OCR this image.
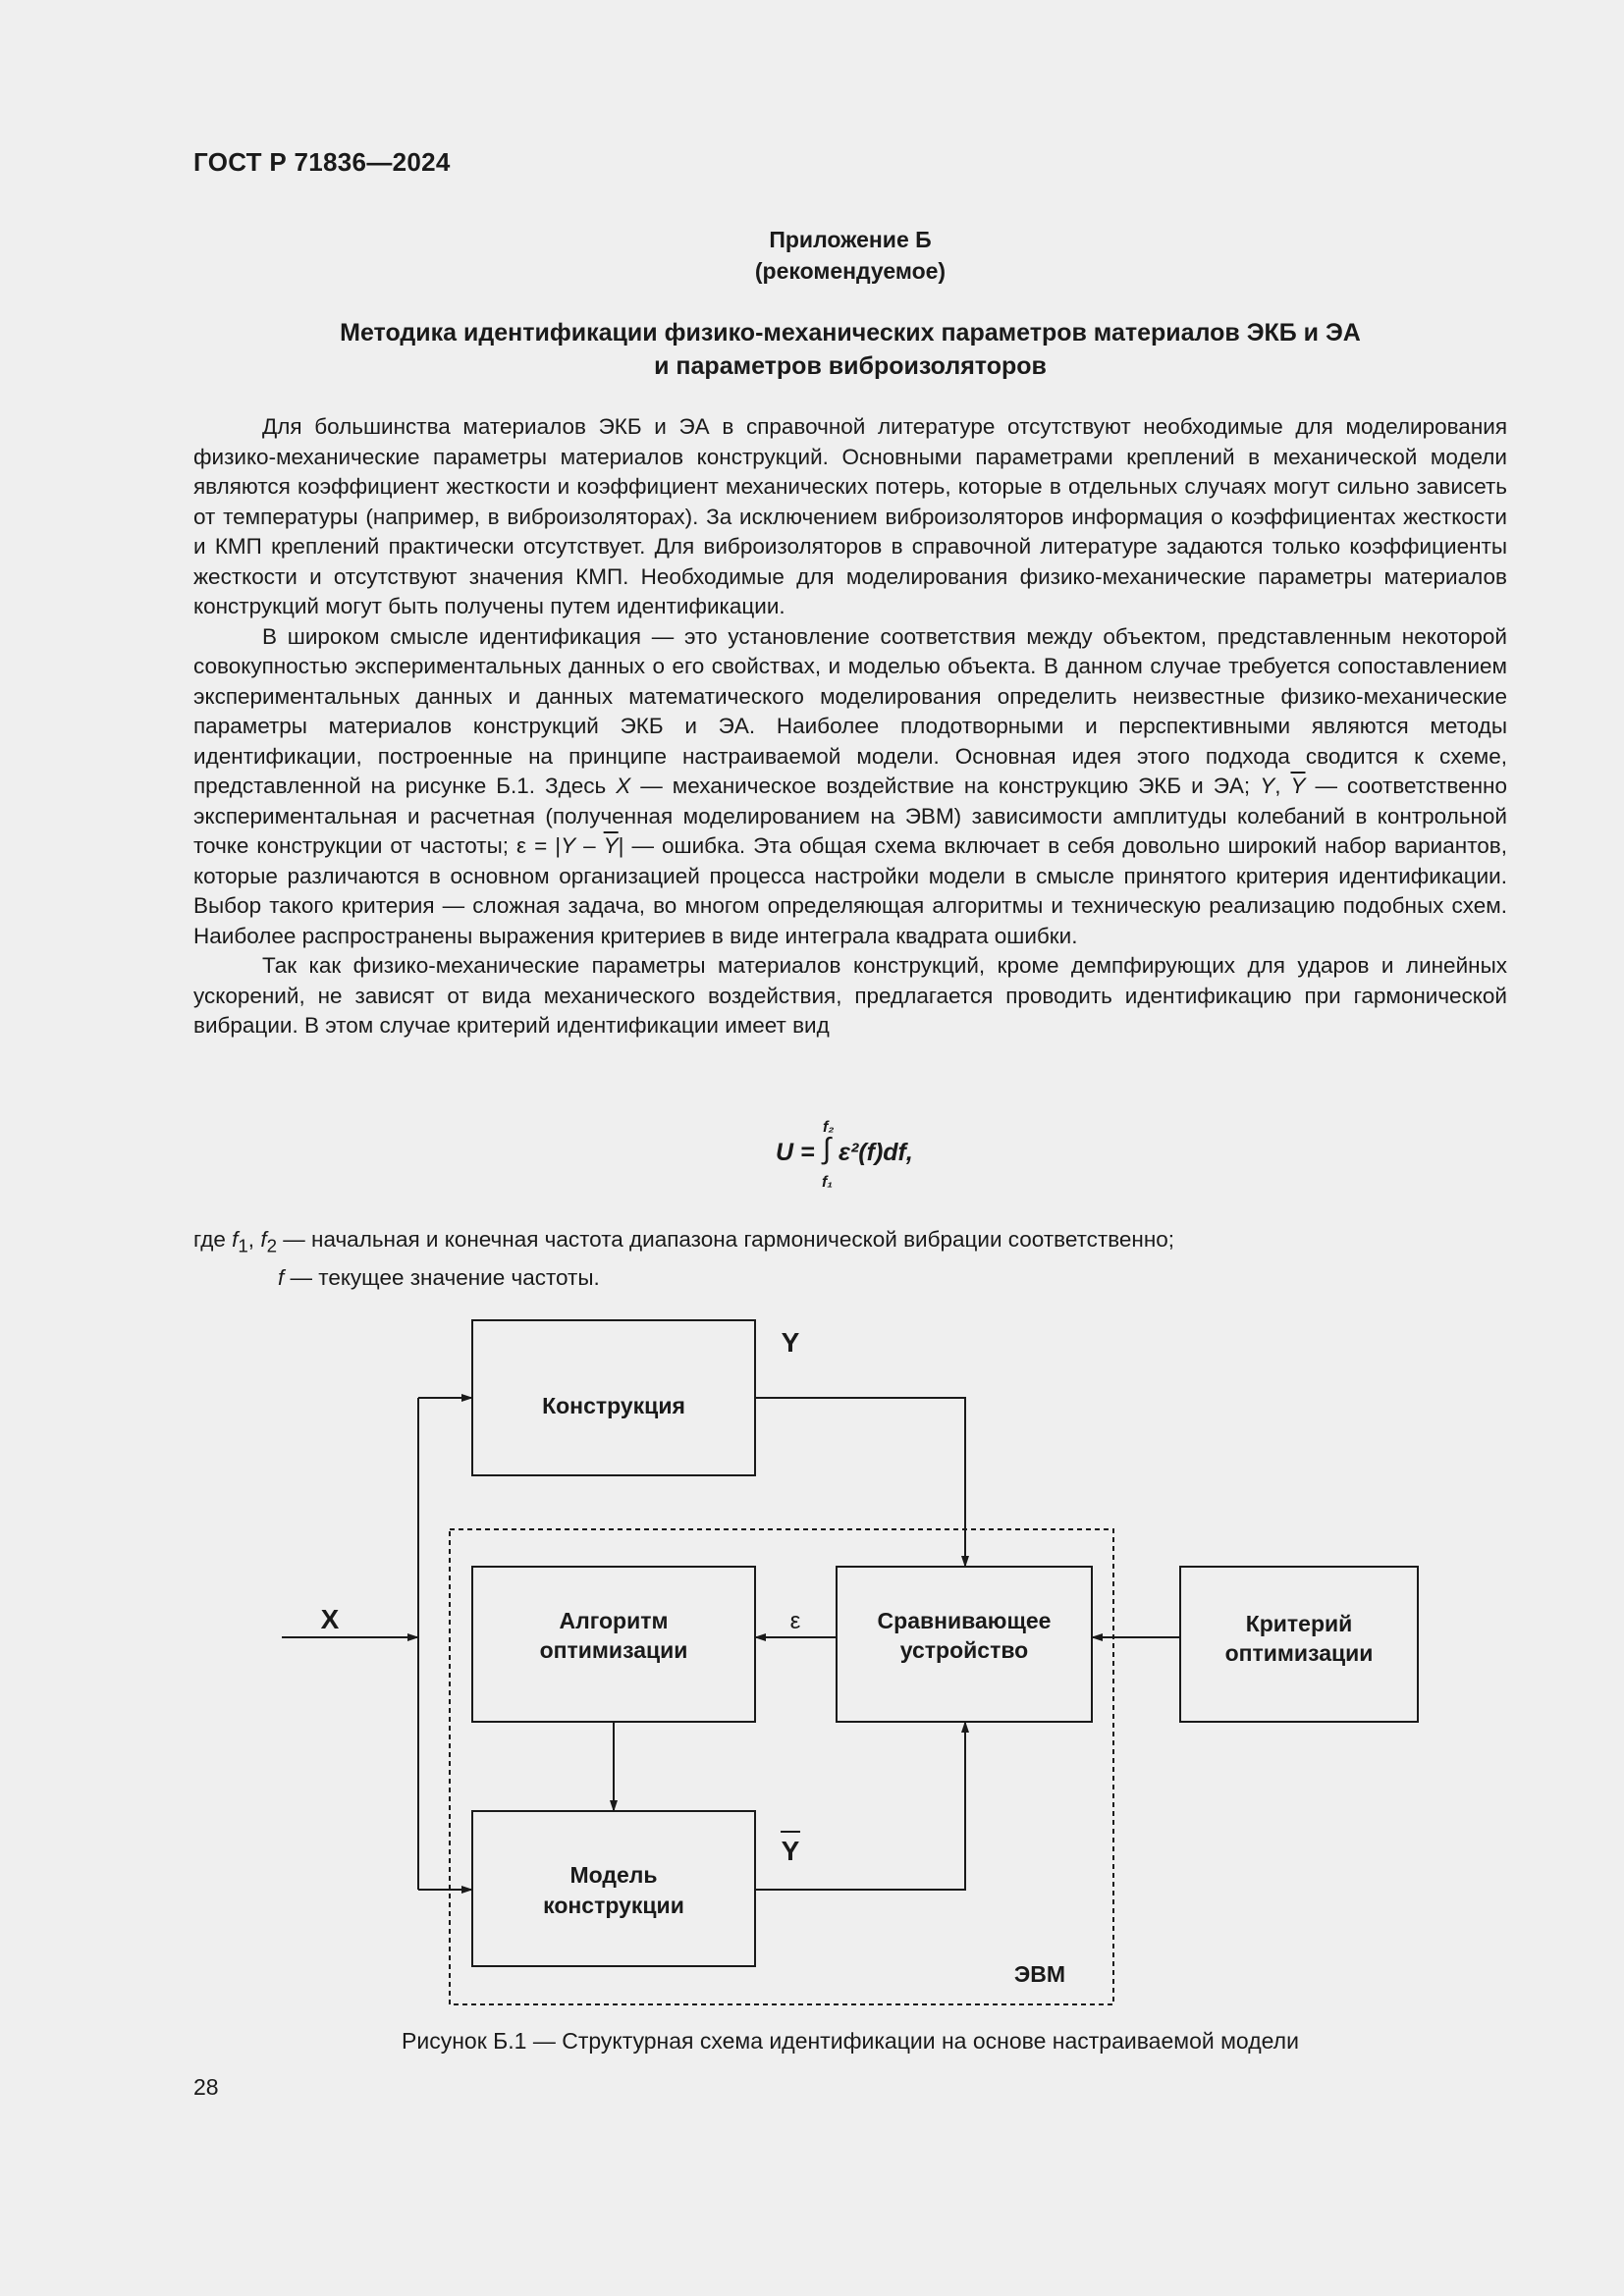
ГОСТ Р 71836—2024
Приложение Б
(рекомендуемое)
Методика идентификации физико-механических параметров материалов ЭКБ и ЭА
и параметров виброизоляторов

Для большинства материалов ЭКБ и ЭА в справочной литературе отсутствуют необходимые для моделирования физико-механические параметры материалов конструкций. Основными параметрами креплений в механической модели являются коэффициент жесткости и коэффициент механических потерь, которые в отдельных случаях могут сильно зависеть от температуры (например, в виброизоляторах). За исключением виброизоляторов информация о коэффициентах жесткости и КМП креплений практически отсутствует. Для виброизоляторов в справочной литературе задаются только коэффициенты жесткости и отсутствуют значения КМП. Необходимые для моделирования физико-механические параметры материалов конструкций могут быть получены путем идентификации.

В широком смысле идентификация — это установление соответствия между объектом, представленным некоторой совокупностью экспериментальных данных о его свойствах, и моделью объекта. В данном случае требуется сопоставлением экспериментальных данных и данных математического моделирования определить неизвестные физико-механические параметры материалов конструкций ЭКБ и ЭА. Наиболее плодотворными и перспективными являются методы идентификации, построенные на принципе настраиваемой модели. Основная идея этого подхода сводится к схеме, представленной на рисунке Б.1. Здесь X — механическое воздействие на конструкцию ЭКБ и ЭА; Y, $\overline{Y}$ — соответственно экспериментальная и расчетная (полученная моделированием на ЭВМ) зависимости амплитуды колебаний в контрольной точке конструкции от частоты; $\varepsilon = |Y - \overline{Y}|$ — ошибка. Эта общая схема включает в себя довольно широкий набор вариантов, которые различаются в основном организацией процесса настройки модели в смысле принятого критерия идентификации. Выбор такого критерия — сложная задача, во многом определяющая алгоритмы и техническую реализацию подобных схем. Наиболее распространены выражения критериев в виде интеграла квадрата ошибки.

Так как физико-механические параметры материалов конструкций, кроме демпфирующих для ударов и линейных ускорений, не зависят от вида механического воздействия, предлагается проводить идентификацию при гармонической вибрации. В этом случае критерий идентификации имеет вид

U =
f₂
∫
f₁
ε²(f)df,
где $f_1$, $f_2$ — начальная и конечная частота диапазона гармонической вибрации соответственно;
f — текущее значение частоты.
Конструкция
Алгоритм
оптимизации
Сравнивающее
устройство
Критерий
оптимизации
Модель
конструкции
X
Y
Y
ε
ЭВМ
Рисунок Б.1 — Структурная схема идентификации на основе настраиваемой модели
28
